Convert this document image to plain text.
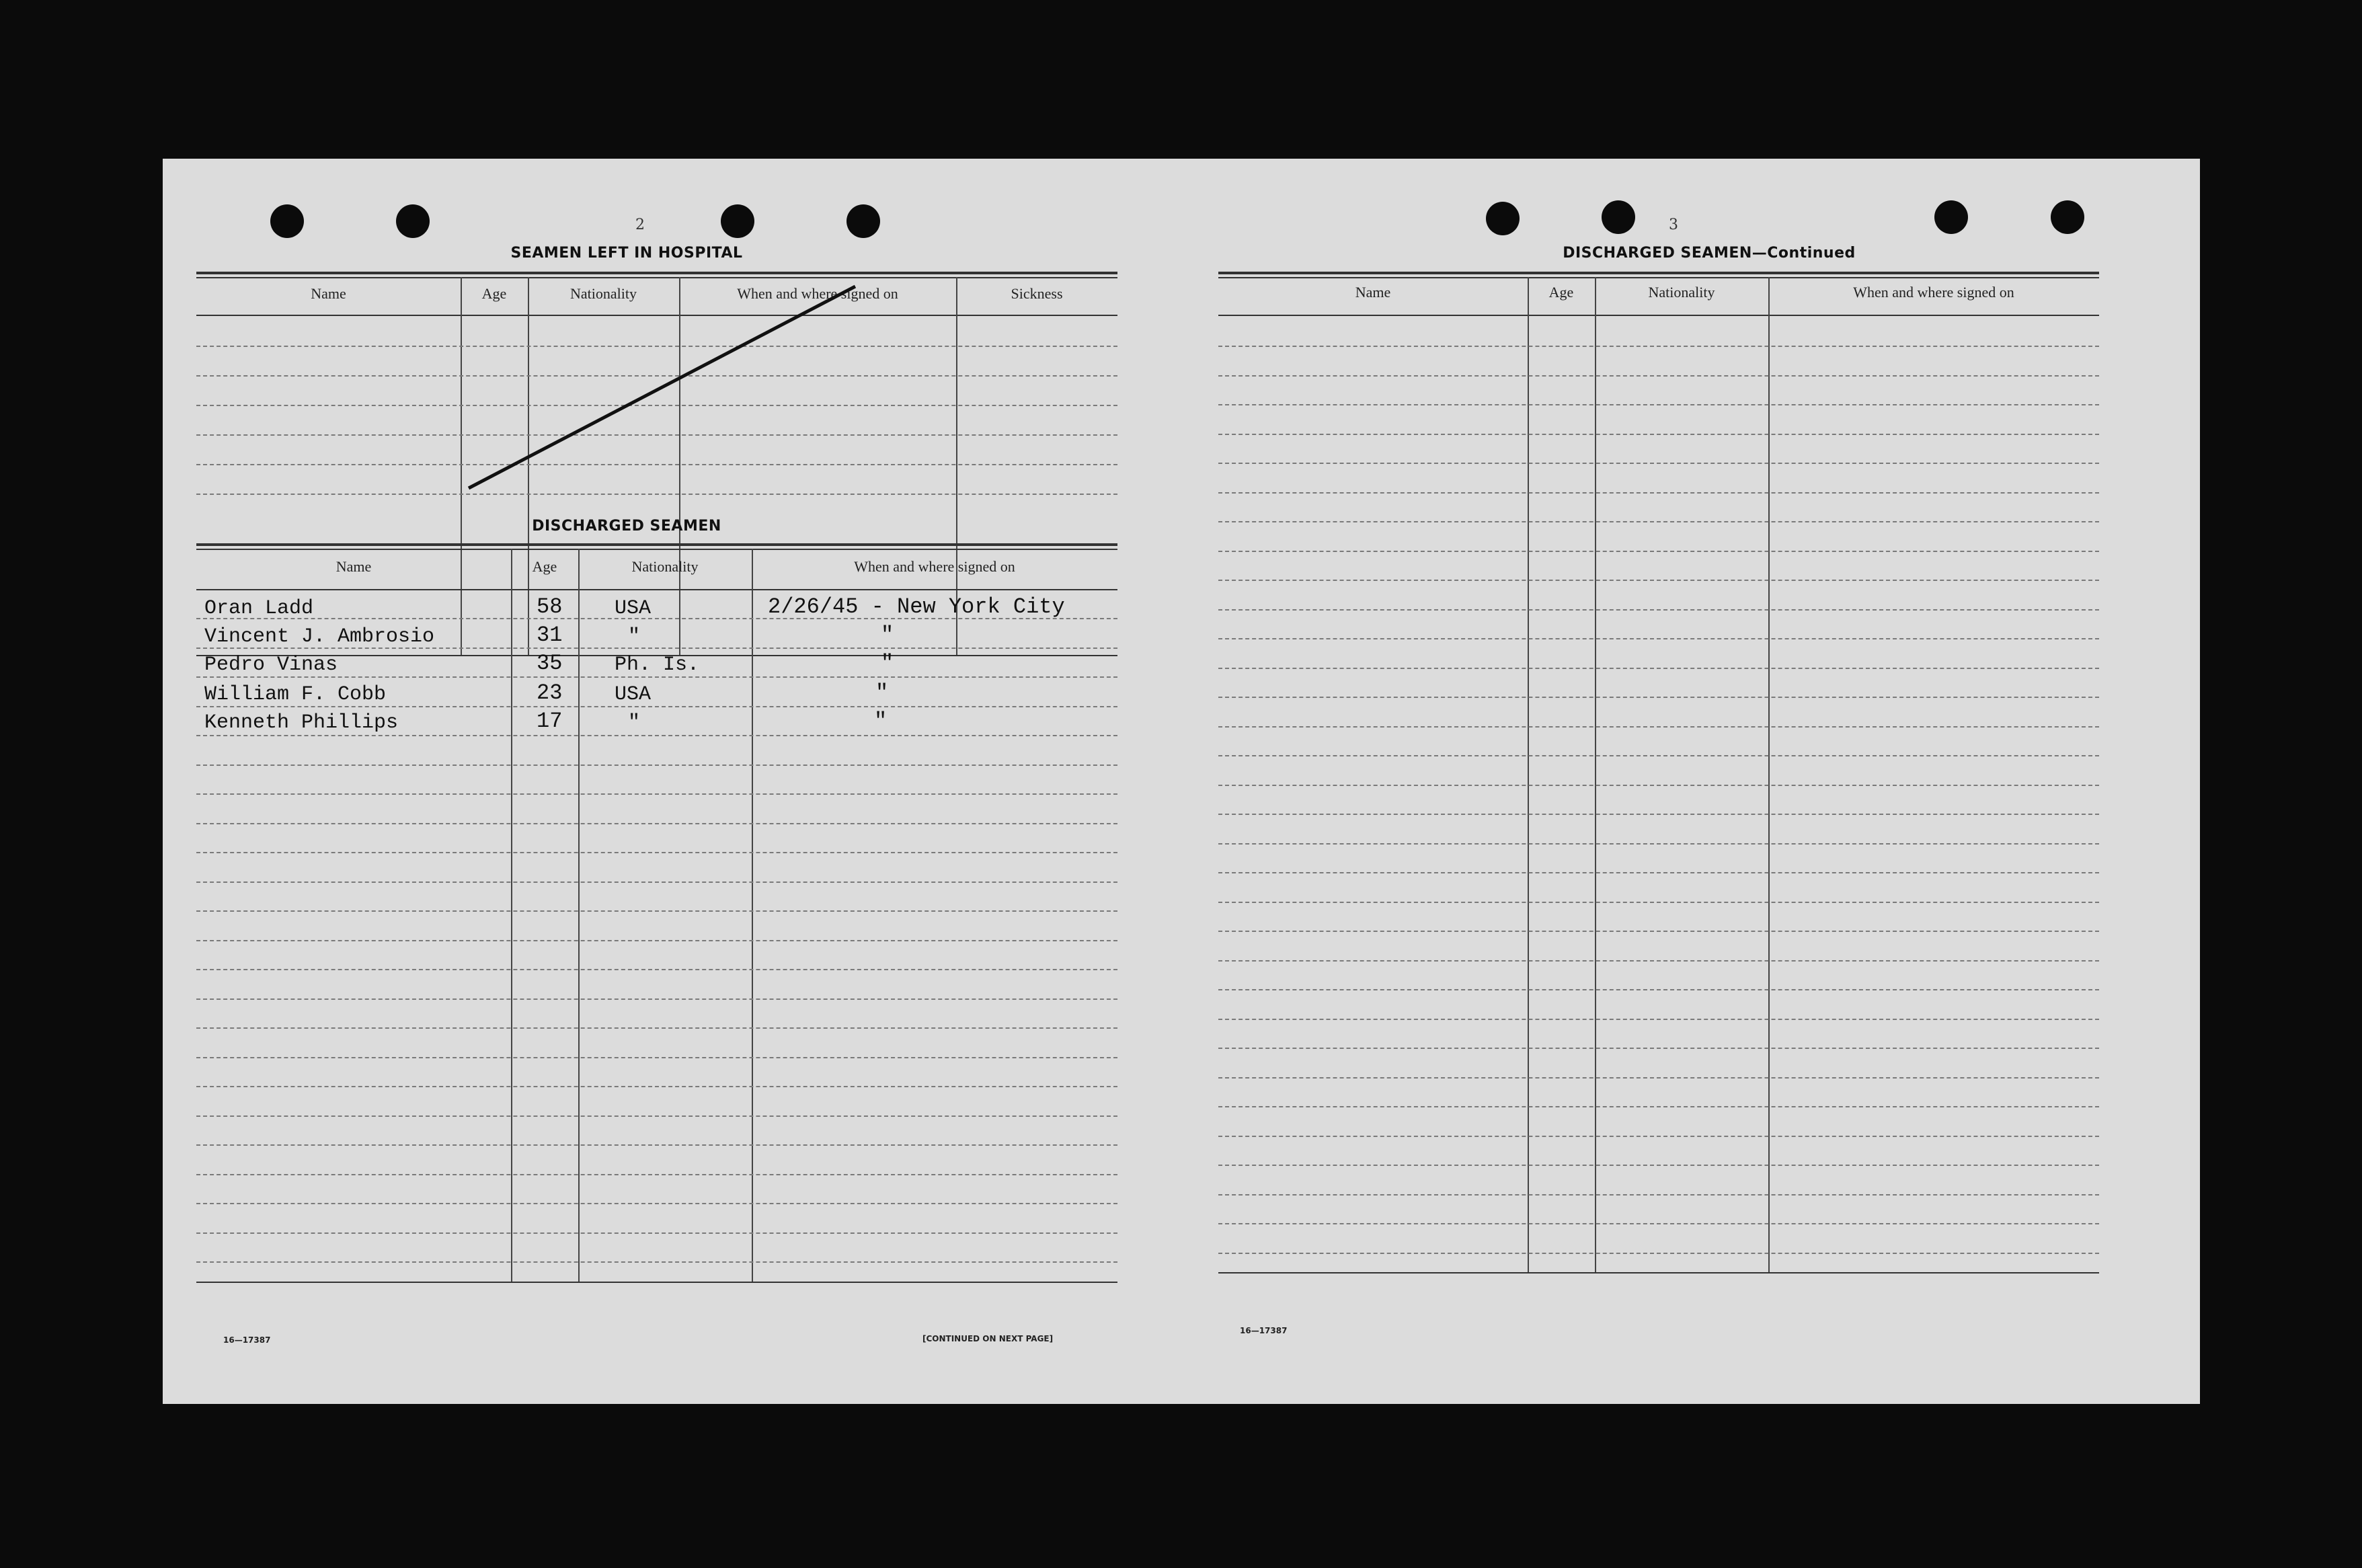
2
SEAMEN LEFT IN HOSPITAL
Name	Age	Nationality	When and where signed on	Sickness
DISCHARGED SEAMEN
Name	Age	Nationality	When and where signed on
Oran Ladd	58	USA	2/26/45 - New York City
Vincent J. Ambrosio	31	"	"
Pedro Vinas	35	Ph. Is.	"
William F. Cobb	23	USA	"
Kenneth Phillips	17	"	"
16—17387	[CONTINUED ON NEXT PAGE]
3
DISCHARGED SEAMEN—Continued
Name	Age	Nationality	When and where signed on
16—17387
